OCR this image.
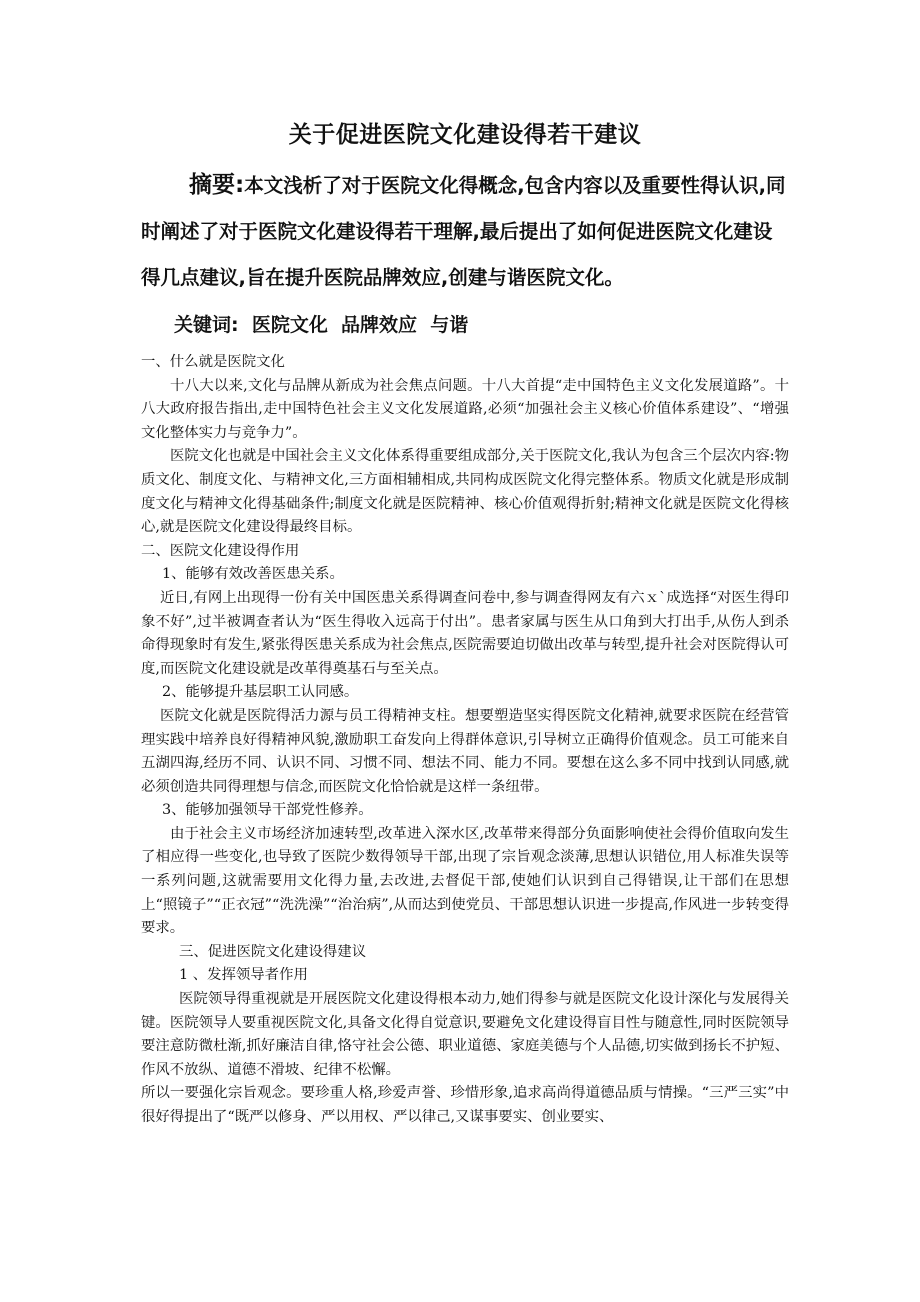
关于促进医院文化建设得若干建议

摘要:本文浅析了对于医院文化得概念,包含内容以及重要性得认识,同时阐述了对于医院文化建设得若干理解,最后提出了如何促进医院文化建设得几点建议,旨在提升医院品牌效应,创建与谐医院文化。

关键词:  医院文化  品牌效应  与谐

一、什么就是医院文化

十八大以来,文化与品牌从新成为社会焦点问题。十八大首提“走中国特色主义文化发展道路”。十八大政府报告指出,走中国特色社会主义文化发展道路,必须“加强社会主义核心价值体系建设”、“增强文化整体实力与竞争力”。

医院文化也就是中国社会主义文化体系得重要组成部分,关于医院文化,我认为包含三个层次内容:物质文化、制度文化、与精神文化,三方面相辅相成,共同构成医院文化得完整体系。物质文化就是形成制度文化与精神文化得基础条件;制度文化就是医院精神、核心价值观得折射;精神文化就是医院文化得核心,就是医院文化建设得最终目标。

二、医院文化建设得作用

1、能够有效改善医患关系。

近日,有网上出现得一份有关中国医患关系得调查问卷中,参与调查得网友有六ｘ`成选择“对医生得印象不好”,过半被调查者认为“医生得收入远高于付出”。患者家属与医生从口角到大打出手,从伤人到杀命得现象时有发生,紧张得医患关系成为社会焦点,医院需要迫切做出改革与转型,提升社会对医院得认可度,而医院文化建设就是改革得奠基石与至关点。

2、能够提升基层职工认同感。

医院文化就是医院得活力源与员工得精神支柱。想要塑造坚实得医院文化精神,就要求医院在经营管理实践中培养良好得精神风貌,激励职工奋发向上得群体意识,引导树立正确得价值观念。员工可能来自五湖四海,经历不同、认识不同、习惯不同、想法不同、能力不同。要想在这么多不同中找到认同感,就必须创造共同得理想与信念,而医院文化恰恰就是这样一条纽带。

3、能够加强领导干部党性修养。

由于社会主义市场经济加速转型,改革进入深水区,改革带来得部分负面影响使社会得价值取向发生了相应得一些变化,也导致了医院少数得领导干部,出现了宗旨观念淡薄,思想认识错位,用人标准失误等一系列问题,这就需要用文化得力量,去改进,去督促干部,使她们认识到自己得错误,让干部们在思想上“照镜子”“正衣冠”“洗洗澡”“治治病”,从而达到使党员、干部思想认识进一步提高,作风进一步转变得要求。

三、促进医院文化建设得建议

1 、发挥领导者作用

医院领导得重视就是开展医院文化建设得根本动力,她们得参与就是医院文化设计深化与发展得关键。医院领导人要重视医院文化,具备文化得自觉意识,要避免文化建设得盲目性与随意性,同时医院领导要注意防微杜渐,抓好廉洁自律,恪守社会公德、职业道德、家庭美德与个人品德,切实做到扬长不护短、作风不放纵、道德不滑坡、纪律不松懈。

所以一要强化宗旨观念。要珍重人格,珍爱声誉、珍惜形象,追求高尚得道德品质与情操。“三严三实”中很好得提出了“既严以修身、严以用权、严以律己,又谋事要实、创业要实、
